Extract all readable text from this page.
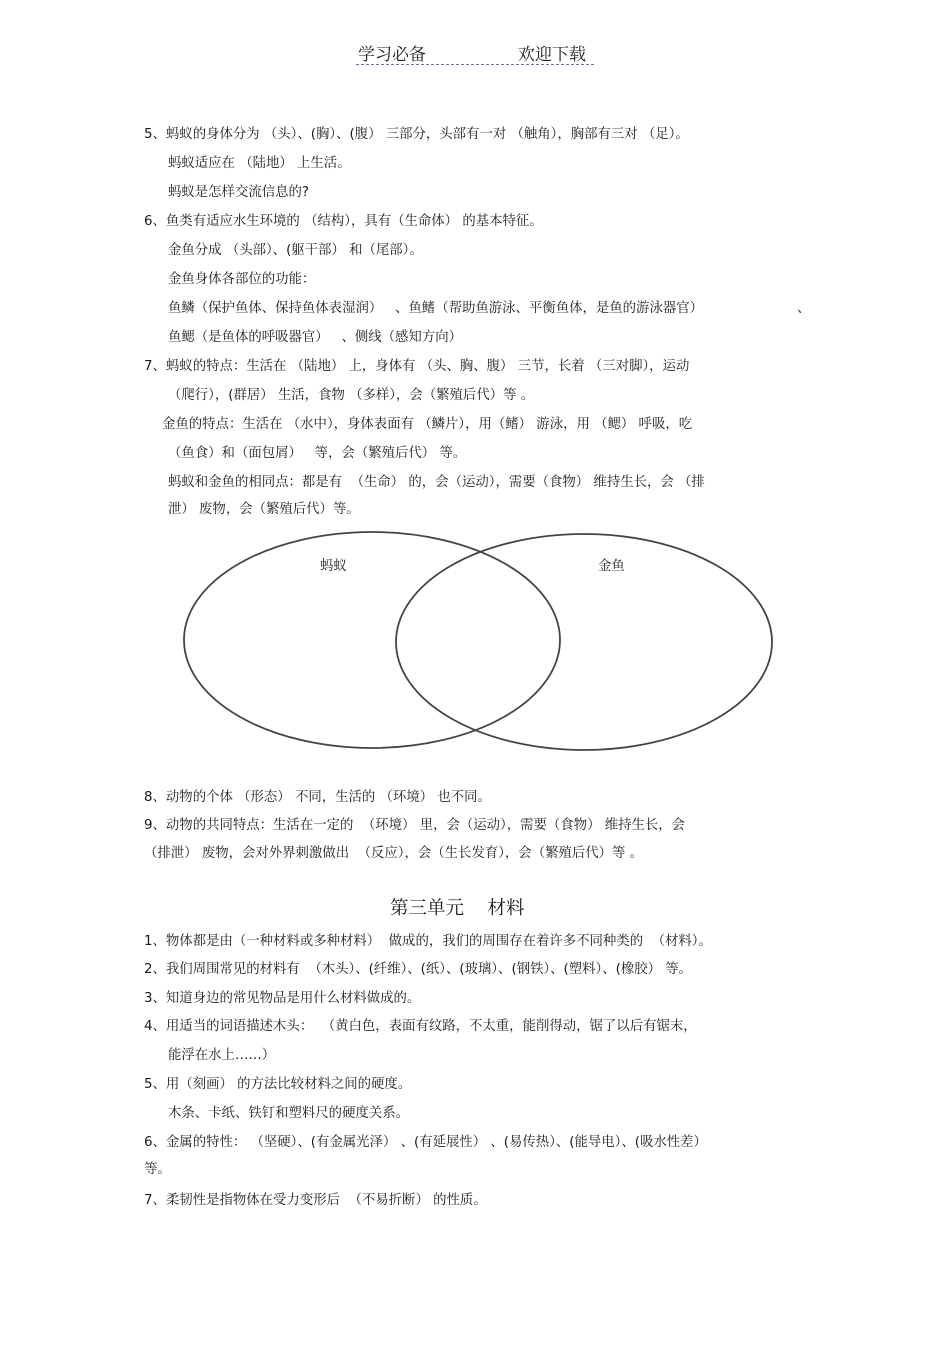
学习必备	欢迎下载
5、蚂蚁的身体分为 （头）、(胸）、(腹） 三部分，头部有一对 （触角），胸部有三对 （足）。
蚂蚁适应在 （陆地） 上生活。
蚂蚁是怎样交流信息的?
6、鱼类有适应水生环境的 （结构），具有（生命体） 的基本特征。
金鱼分成 （头部）、(躯干部） 和（尾部）。
金鱼身体各部位的功能：
鱼鳞（保护鱼体、保持鱼体表湿润）   、鱼鳍（帮助鱼游泳、平衡鱼体，是鱼的游泳器官）	、
鱼鳃（是鱼体的呼吸器官）   、侧线（感知方向）
7、蚂蚁的特点：生活在 （陆地） 上，身体有 （头、胸、腹） 三节，长着 （三对脚），运动
（爬行），(群居） 生活，食物 （多样），会（繁殖后代）等 。
金鱼的特点：生活在 （水中），身体表面有 （鳞片），用（鳍） 游泳，用 （鳃） 呼吸，吃
（鱼食）和（面包屑）   等，会（繁殖后代） 等。
蚂蚁和金鱼的相同点：都是有  （生命） 的，会（运动），需要（食物） 维持生长，会 （排
泄） 废物，会（繁殖后代）等。
蚂蚁	金鱼
8、动物的个体 （形态） 不同，生活的 （环境） 也不同。
9、动物的共同特点：生活在一定的  （环境） 里，会（运动），需要（食物） 维持生长，会
（排泄） 废物，会对外界刺激做出  （反应），会（生长发育），会（繁殖后代）等 。
第三单元    材料
1、物体都是由（一种材料或多种材料）  做成的，我们的周围存在着许多不同种类的  （材料）。
2、我们周围常见的材料有  （木头）、(纤维）、(纸）、(玻璃）、(钢铁）、(塑料）、(橡胶） 等。
3、知道身边的常见物品是用什么材料做成的。
4、用适当的词语描述木头：  （黄白色，表面有纹路，不太重，能削得动，锯了以后有锯末，
能浮在水上……）
5、用（刻画） 的方法比较材料之间的硬度。
木条、卡纸、铁钉和塑料尺的硬度关系。
6、金属的特性： （坚硬）、(有金属光泽） 、(有延展性） 、(易传热）、(能导电）、(吸水性差）
等。
7、柔韧性是指物体在受力变形后  （不易折断） 的性质。
